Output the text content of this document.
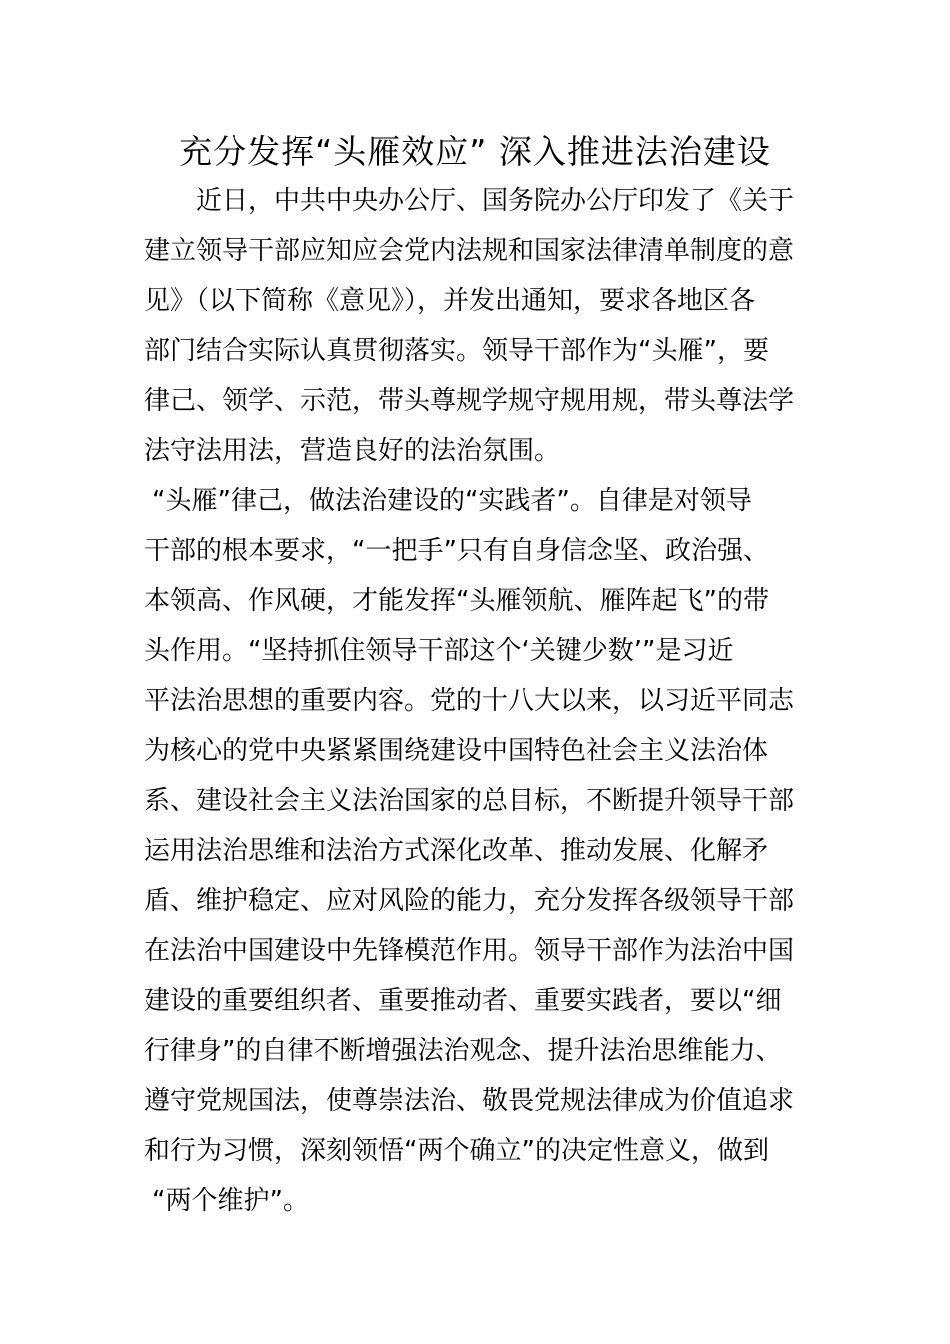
充分发挥“头雁效应” 深入推进法治建设

　　近日，中共中央办公厅、国务院办公厅印发了《关于

建立领导干部应知应会党内法规和国家法律清单制度的意

见》（以下简称《意见》），并发出通知，要求各地区各

部门结合实际认真贯彻落实。领导干部作为“头雁”，要

律己、领学、示范，带头尊规学规守规用规，带头尊法学

法守法用法，营造良好的法治氛围。

“头雁”律己，做法治建设的“实践者”。自律是对领导

干部的根本要求，“一把手”只有自身信念坚、政治强、

本领高、作风硬，才能发挥“头雁领航、雁阵起飞”的带

头作用。“坚持抓住领导干部这个‘关键少数’”是习近

平法治思想的重要内容。党的十八大以来，以习近平同志

为核心的党中央紧紧围绕建设中国特色社会主义法治体

系、建设社会主义法治国家的总目标，不断提升领导干部

运用法治思维和法治方式深化改革、推动发展、化解矛

盾、维护稳定、应对风险的能力，充分发挥各级领导干部

在法治中国建设中先锋模范作用。领导干部作为法治中国

建设的重要组织者、重要推动者、重要实践者，要以“细

行律身”的自律不断增强法治观念、提升法治思维能力、

遵守党规国法，使尊崇法治、敬畏党规法律成为价值追求

和行为习惯，深刻领悟“两个确立”的决定性意义，做到

“两个维护”。
